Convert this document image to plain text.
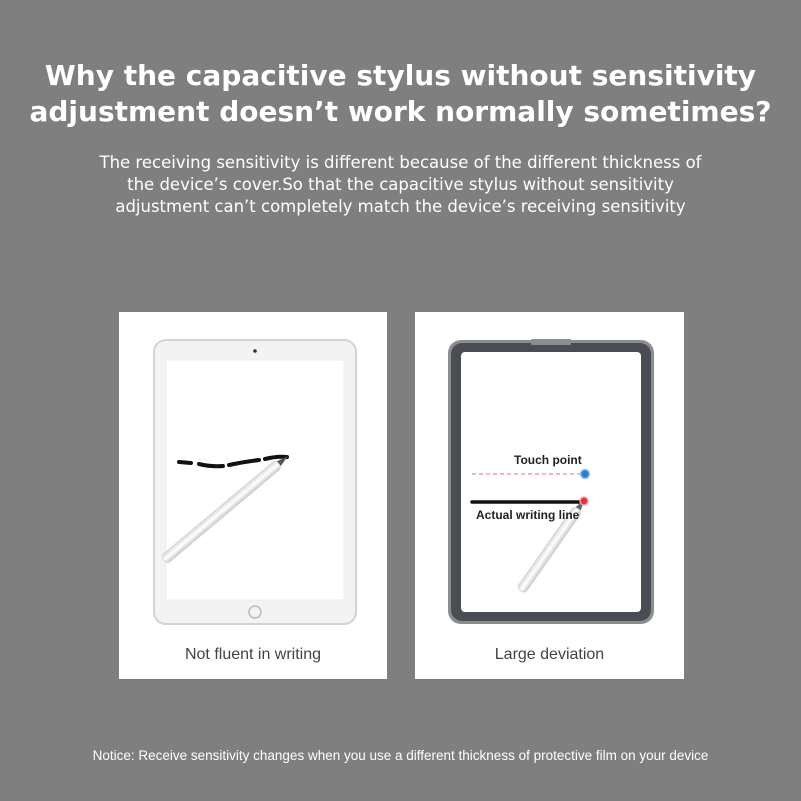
Why the capacitive stylus without sensitivity
adjustment doesn’t work normally sometimes?
The receiving sensitivity is different because of the different thickness of
the device’s cover.So that the capacitive stylus without sensitivity
adjustment can’t completely match the device’s receiving sensitivity
Not fluent in writing
Touch point
Actual writing line
Large deviation
Notice: Receive sensitivity changes when you use a different thickness of protective film on your device
